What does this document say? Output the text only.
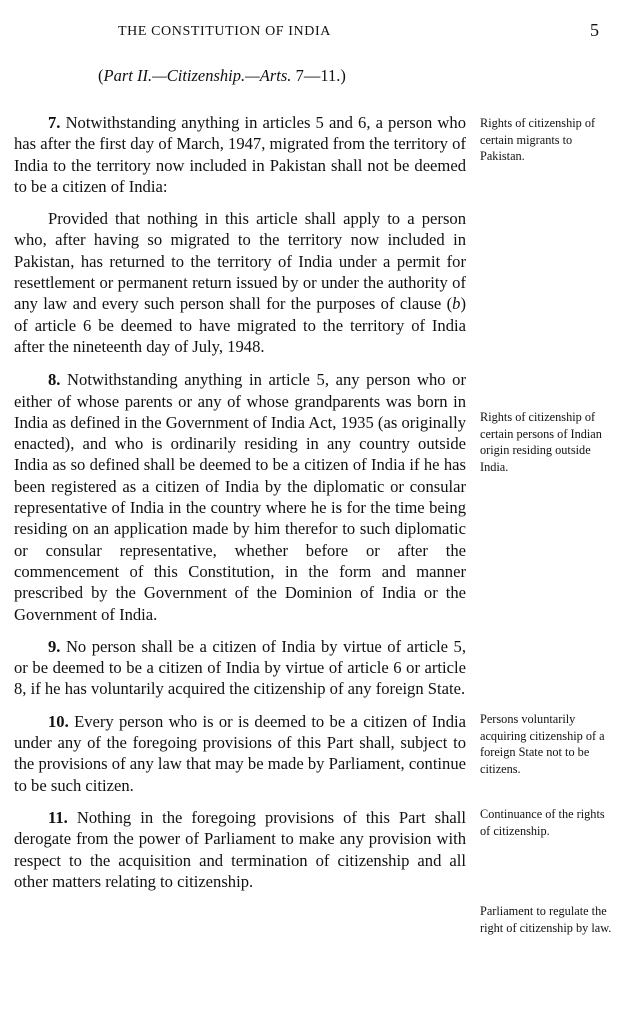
THE CONSTITUTION OF INDIA	5
(Part II.—Citizenship.—Arts. 7—11.)

7. Notwithstanding anything in articles 5 and 6, a person who has after the first day of March, 1947, migrated from the territory of India to the territory now included in Pakistan shall not be deemed to be a citizen of India:

Provided that nothing in this article shall apply to a person who, after having so migrated to the territory now included in Pakistan, has returned to the territory of India under a permit for resettlement or permanent return issued by or under the authority of any law and every such person shall for the purposes of clause (b) of article 6 be deemed to have migrated to the territory of India after the nineteenth day of July, 1948.

8. Notwithstanding anything in article 5, any person who or either of whose parents or any of whose grandparents was born in India as defined in the Government of India Act, 1935 (as originally enacted), and who is ordinarily residing in any country outside India as so defined shall be deemed to be a citizen of India if he has been registered as a citizen of India by the diplomatic or consular representative of India in the country where he is for the time being residing on an application made by him therefor to such diplomatic or consular representative, whether before or after the commencement of this Constitution, in the form and manner prescribed by the Government of the Dominion of India or the Government of India.

9. No person shall be a citizen of India by virtue of article 5, or be deemed to be a citizen of India by virtue of article 6 or article 8, if he has voluntarily acquired the citizenship of any foreign State.

10. Every person who is or is deemed to be a citizen of India under any of the foregoing provisions of this Part shall, subject to the provisions of any law that may be made by Parliament, continue to be such citizen.

11. Nothing in the foregoing provisions of this Part shall derogate from the power of Parliament to make any provision with respect to the acquisition and termination of citizenship and all other matters relating to citizenship.

Rights of citizenship of certain migrants to Pakistan.
Rights of citizenship of certain persons of Indian origin residing outside India.
Persons voluntarily acquiring citizenship of a foreign State not to be citizens.
Continuance of the rights of citizenship.
Parliament to regulate the right of citizenship by law.
